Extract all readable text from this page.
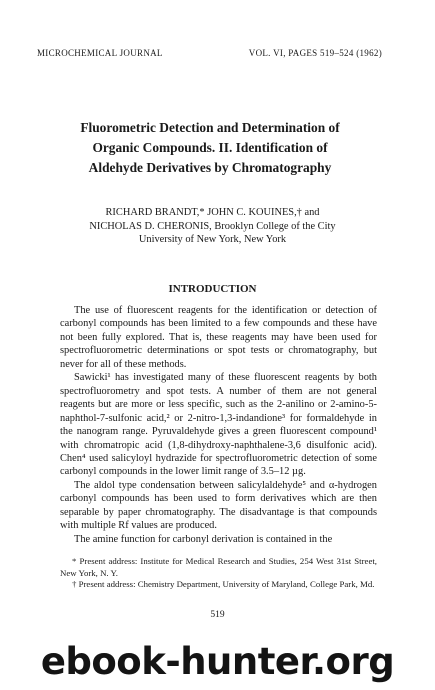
MICROCHEMICAL JOURNAL	VOL. VI, PAGES 519–524 (1962)
Fluorometric Detection and Determination of
Organic Compounds. II. Identification of
Aldehyde Derivatives by Chromatography
RICHARD BRANDT,* JOHN C. KOUINES,† and
NICHOLAS D. CHERONIS, Brooklyn College of the City
University of New York, New York
INTRODUCTION

The use of fluorescent reagents for the identification or detection of carbonyl compounds has been limited to a few compounds and these have not been fully explored. That is, these reagents may have been used for spectrofluorometric determinations or spot tests or chromatography, but never for all of these methods.

Sawicki¹ has investigated many of these fluorescent reagents by both spectrofluorometry and spot tests. A number of them are not general reagents but are more or less specific, such as the 2-anilino or 2-amino-5-naphthol-7-sulfonic acid,² or 2-nitro-1,3-indandione³ for formaldehyde in the nanogram range. Pyruvaldehyde gives a green fluorescent compound¹ with chromatropic acid (1,8-dihydroxy-naphthalene-3,6 disulfonic acid). Chen⁴ used salicyloyl hydrazide for spectrofluorometric detection of some carbonyl compounds in the lower limit range of 3.5–12 µg.

The aldol type condensation between salicylaldehyde⁵ and α-hydrogen carbonyl compounds has been used to form derivatives which are then separable by paper chromatography. The disadvantage is that compounds with multiple Rf values are produced.

The amine function for carbonyl derivation is contained in the

* Present address: Institute for Medical Research and Studies, 254 West 31st Street, New York, N. Y.

† Present address: Chemistry Department, University of Maryland, College Park, Md.

519
ebook-hunter.org
